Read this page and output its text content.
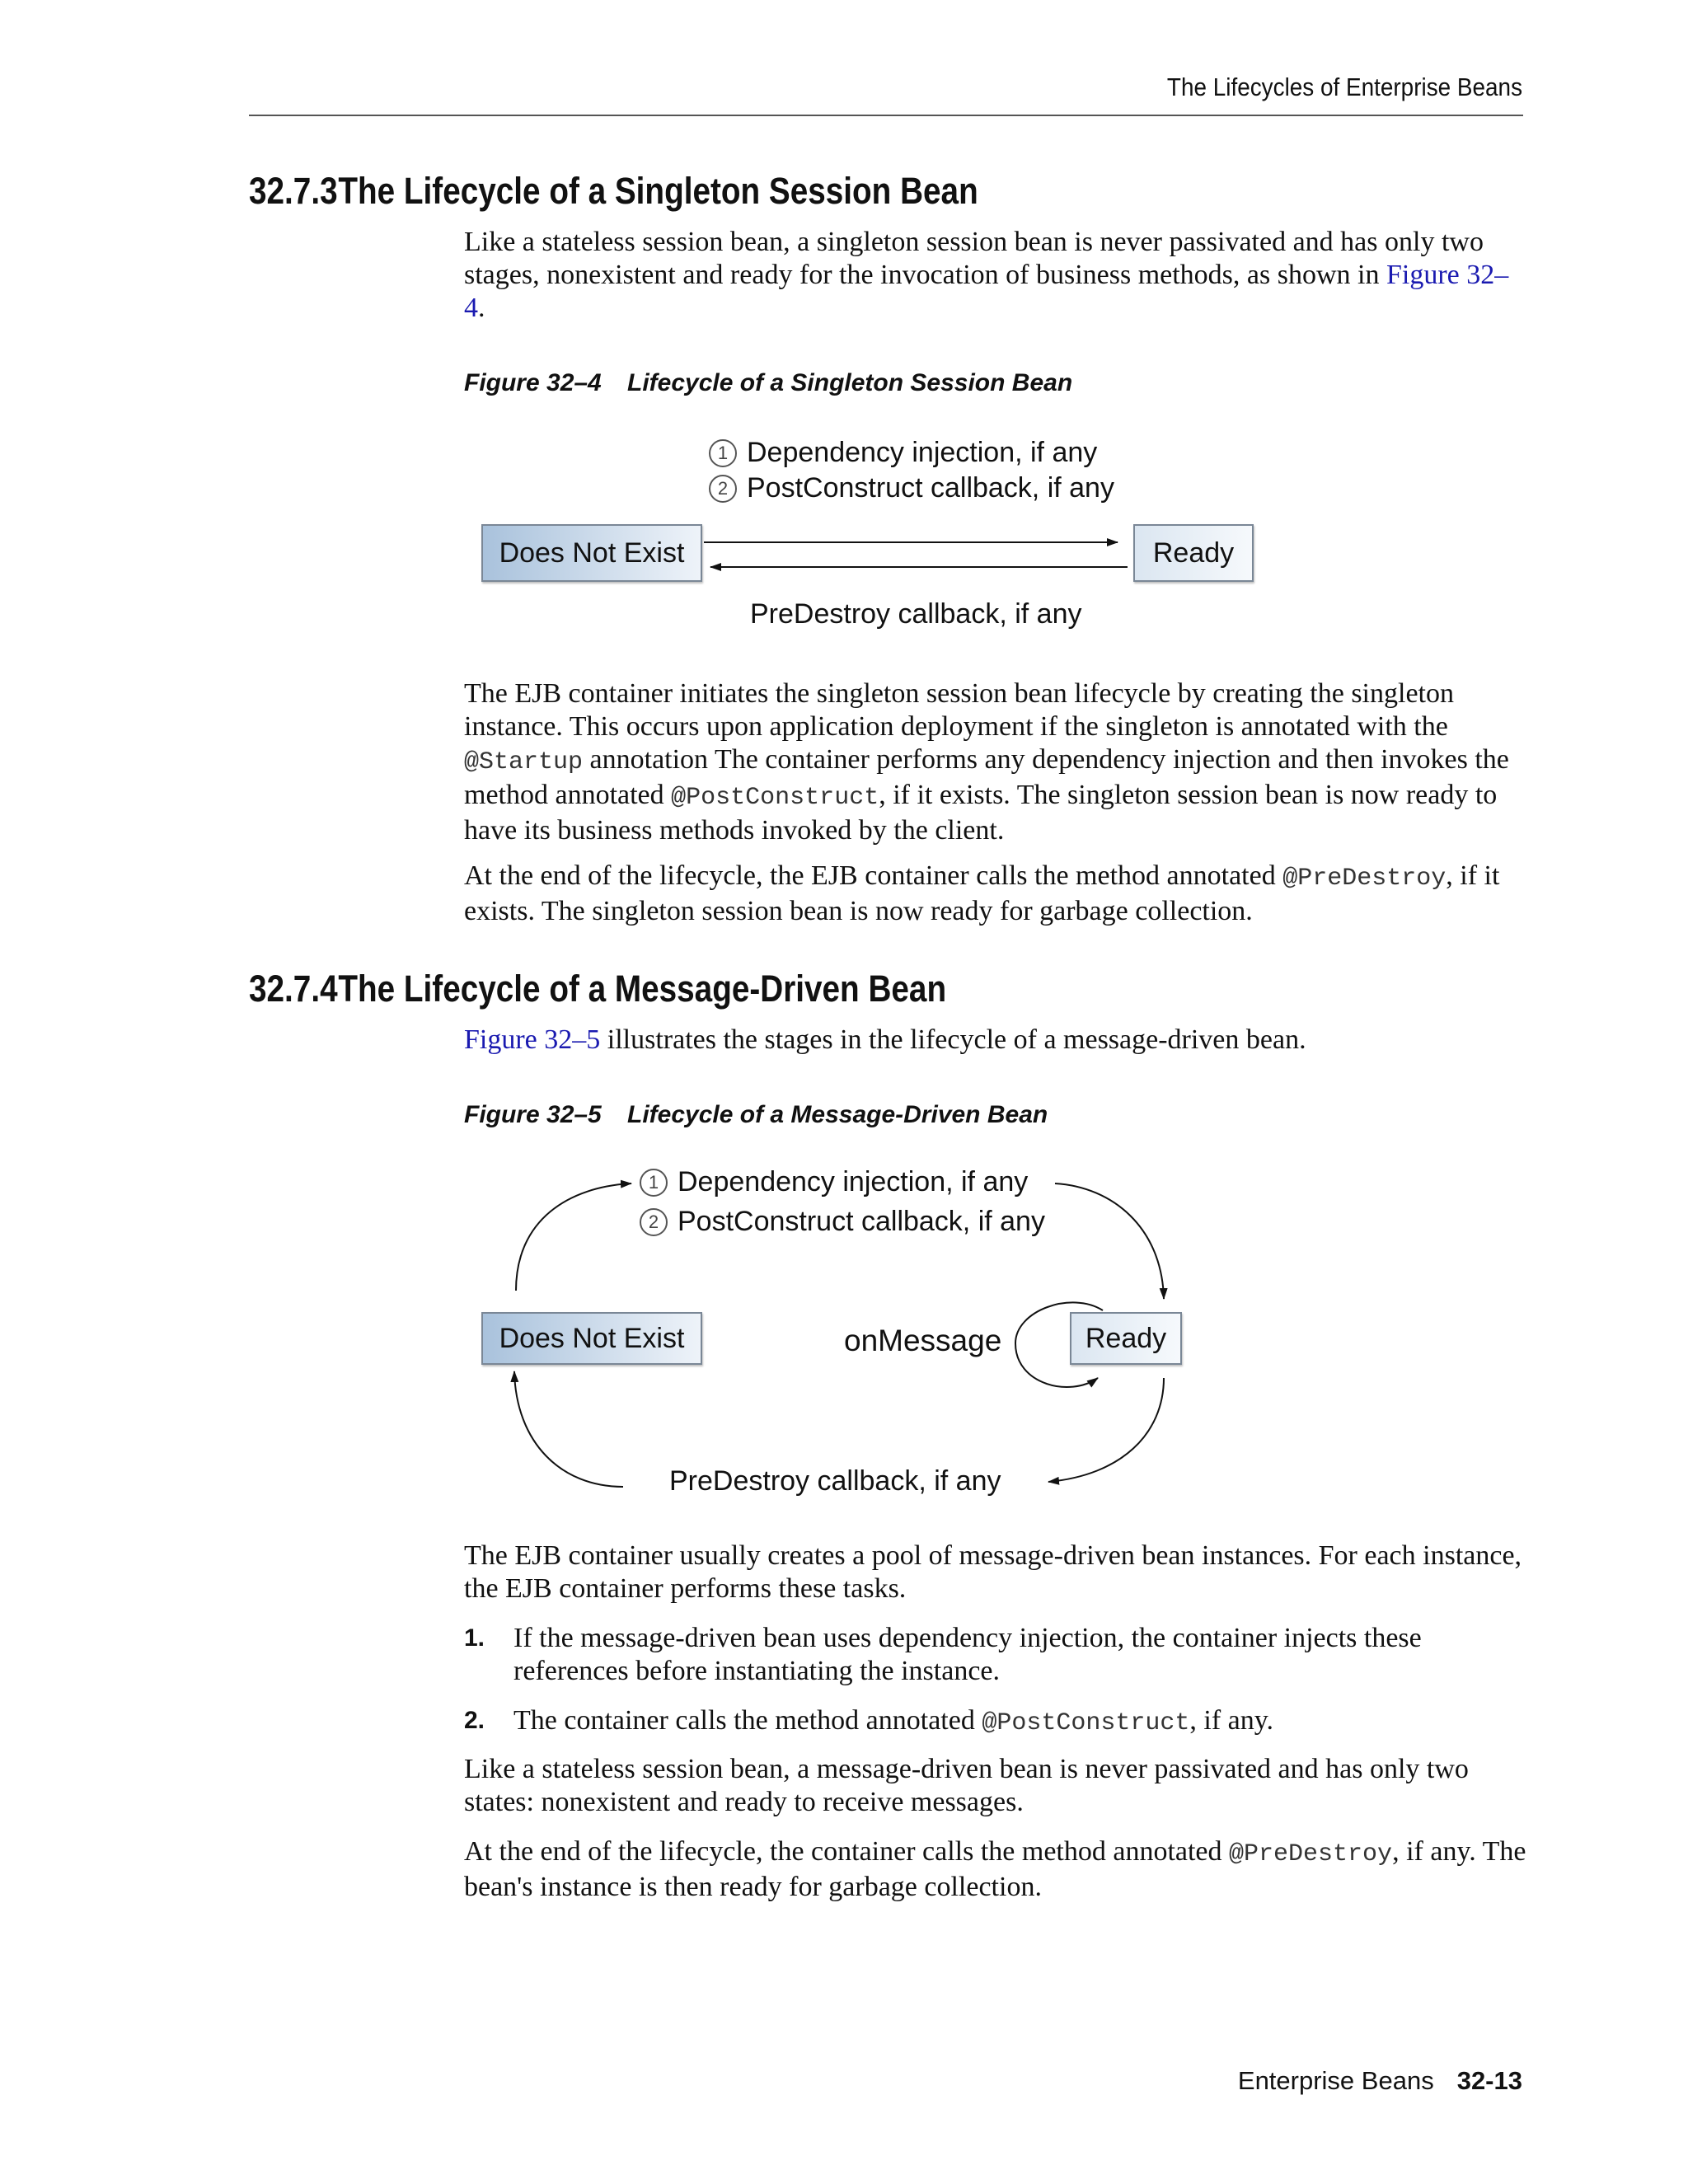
The Lifecycles of Enterprise Beans
32.7.3The Lifecycle of a Singleton Session Bean

Like a stateless session bean, a singleton session bean is never passivated and has only two stages, nonexistent and ready for the invocation of business methods, as shown in Figure 32–4.

Figure 32–4 Lifecycle of a Singleton Session Bean
1 Dependency injection, if any
2 PostConstruct callback, if any
Does Not Exist	Ready
PreDestroy callback, if any

The EJB container initiates the singleton session bean lifecycle by creating the singleton instance. This occurs upon application deployment if the singleton is annotated with the @Startup annotation The container performs any dependency injection and then invokes the method annotated @PostConstruct, if it exists. The singleton session bean is now ready to have its business methods invoked by the client.

At the end of the lifecycle, the EJB container calls the method annotated @PreDestroy, if it exists. The singleton session bean is now ready for garbage collection.

32.7.4The Lifecycle of a Message-Driven Bean

Figure 32–5 illustrates the stages in the lifecycle of a message-driven bean.

Figure 32–5 Lifecycle of a Message-Driven Bean
1 Dependency injection, if any
2 PostConstruct callback, if any
Does Not Exist	Ready
onMessage
PreDestroy callback, if any

The EJB container usually creates a pool of message-driven bean instances. For each instance, the EJB container performs these tasks.

1. If the message-driven bean uses dependency injection, the container injects these references before instantiating the instance.
2. The container calls the method annotated @PostConstruct, if any.

Like a stateless session bean, a message-driven bean is never passivated and has only two states: nonexistent and ready to receive messages.

At the end of the lifecycle, the container calls the method annotated @PreDestroy, if any. The bean's instance is then ready for garbage collection.

Enterprise Beans 32-13
